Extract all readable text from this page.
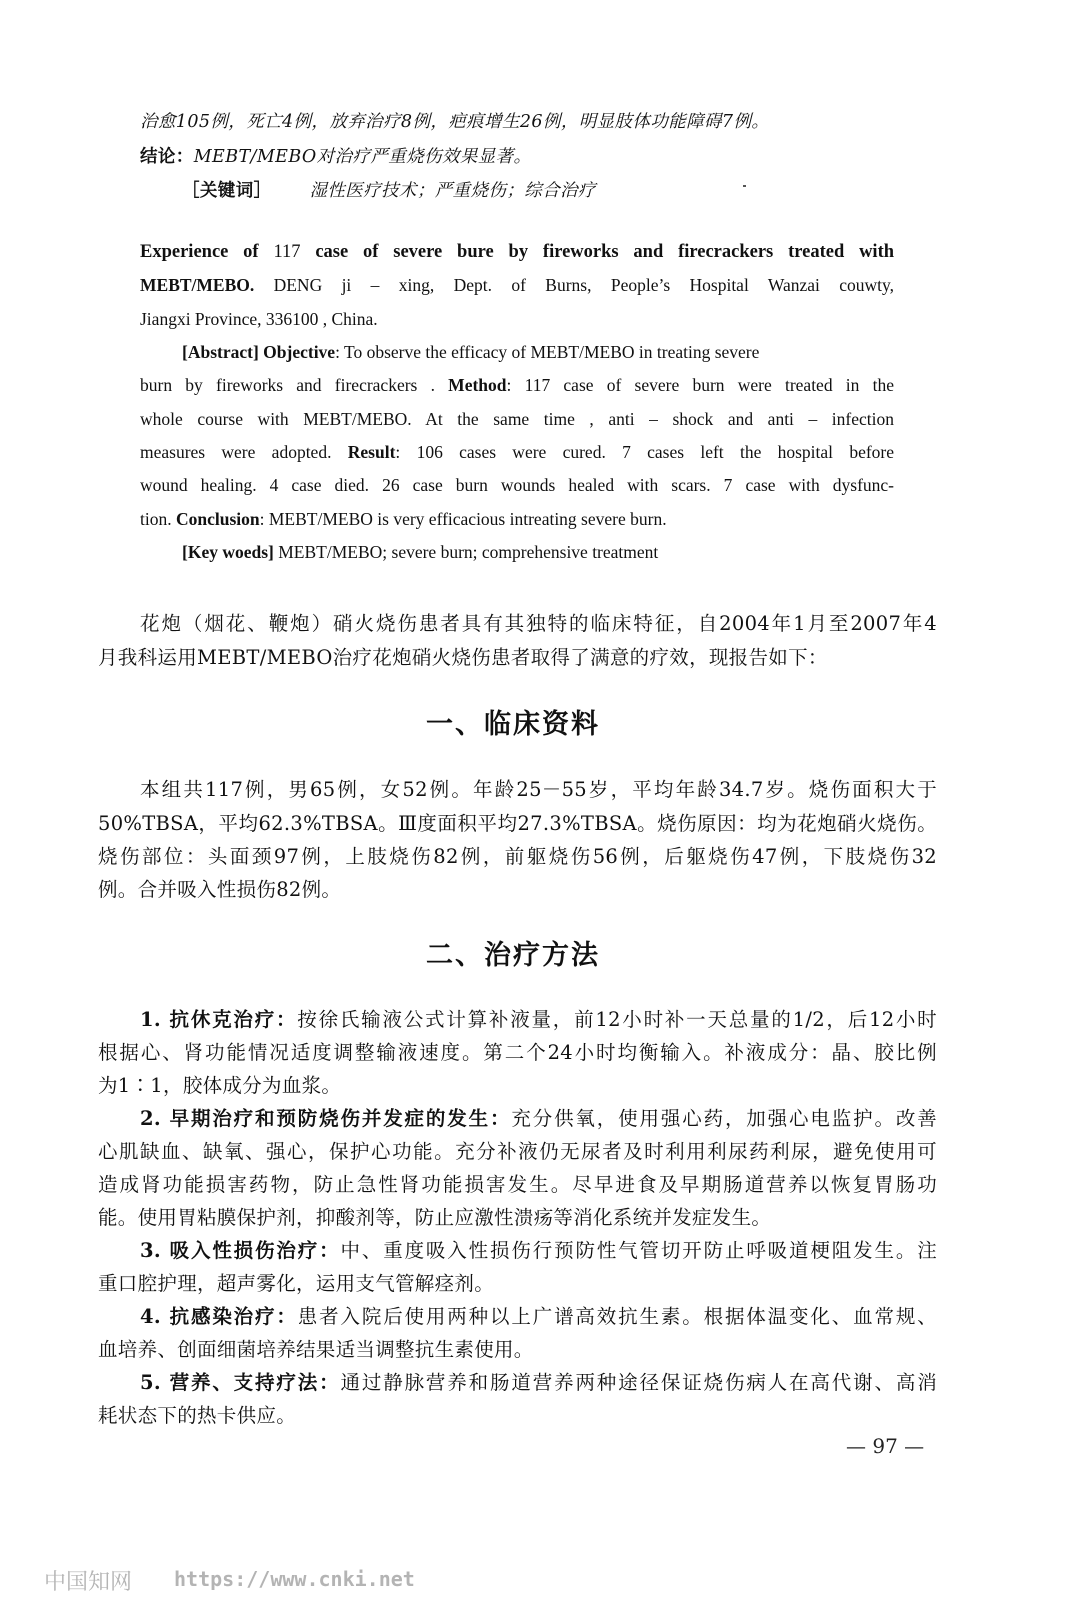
治愈105例，死亡4例，放弃治疗8例，疤痕增生26例，明显肢体功能障碍7例。
结论：MEBT/MEBO对治疗严重烧伤效果显著。
［关键词］ 湿性医疗技术；严重烧伤；综合治疗
Experience of 117 case of severe bure by fireworks and firecrackers treated with
MEBT/MEBO. DENG ji – xing, Dept. of Burns, People’s Hospital Wanzai couwty,
Jiangxi Province, 336100 , China.
[Abstract] Objective: To observe the efficacy of MEBT/MEBO in treating severe
burn by fireworks and firecrackers . Method: 117 case of severe burn were treated in the
whole course with MEBT/MEBO. At the same time , anti – shock and anti – infection
measures were adopted. Result: 106 cases were cured. 7 cases left the hospital before
wound healing. 4 case died. 26 case burn wounds healed with scars. 7 case with dysfunc-
tion. Conclusion: MEBT/MEBO is very efficacious intreating severe burn.
[Key woeds] MEBT/MEBO; severe burn; comprehensive treatment
花炮（烟花、鞭炮）硝火烧伤患者具有其独特的临床特征，自2004年1月至2007年4
月我科运用MEBT/MEBO治疗花炮硝火烧伤患者取得了满意的疗效，现报告如下：
一、临床资料
本组共117例，男65例，女52例。年龄25－55岁，平均年龄34.7岁。烧伤面积大于
50%TBSA，平均62.3%TBSA。Ⅲ度面积平均27.3%TBSA。烧伤原因：均为花炮硝火烧伤。
烧伤部位：头面颈97例，上肢烧伤82例，前躯烧伤56例，后躯烧伤47例，下肢烧伤32
例。合并吸入性损伤82例。
二、治疗方法
1. 抗休克治疗：按徐氏输液公式计算补液量，前12小时补一天总量的1/2，后12小时
根据心、肾功能情况适度调整输液速度。第二个24小时均衡输入。补液成分：晶、胶比例
为1∶1，胶体成分为血浆。
2. 早期治疗和预防烧伤并发症的发生：充分供氧，使用强心药，加强心电监护。改善
心肌缺血、缺氧、强心，保护心功能。充分补液仍无尿者及时利用利尿药利尿，避免使用可
造成肾功能损害药物，防止急性肾功能损害发生。尽早进食及早期肠道营养以恢复胃肠功
能。使用胃粘膜保护剂，抑酸剂等，防止应激性溃疡等消化系统并发症发生。
3. 吸入性损伤治疗：中、重度吸入性损伤行预防性气管切开防止呼吸道梗阻发生。注
重口腔护理，超声雾化，运用支气管解痉剂。
4. 抗感染治疗：患者入院后使用两种以上广谱高效抗生素。根据体温变化、血常规、
血培养、创面细菌培养结果适当调整抗生素使用。
5. 营养、支持疗法：通过静脉营养和肠道营养两种途径保证烧伤病人在高代谢、高消
耗状态下的热卡供应。
— 97 —
中国知网 https://www.cnki.net
